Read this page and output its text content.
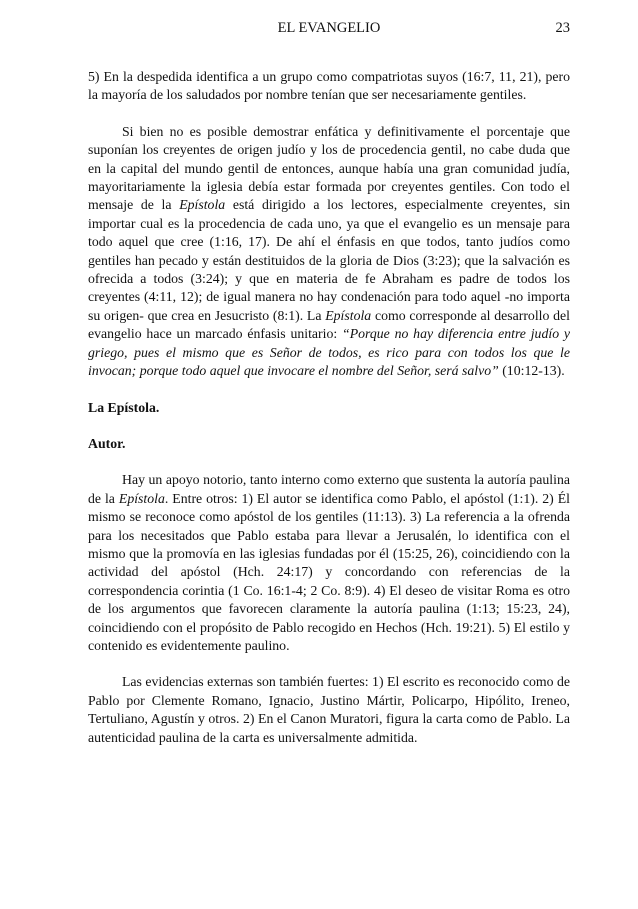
EL EVANGELIO	23

5) En la despedida identifica a un grupo como compatriotas suyos (16:7, 11, 21), pero la mayoría de los saludados por nombre tenían que ser necesariamente gentiles.

Si bien no es posible demostrar enfática y definitivamente el porcentaje que suponían los creyentes de origen judío y los de procedencia gentil, no cabe duda que en la capital del mundo gentil de entonces, aunque había una gran comunidad judía, mayoritariamente la iglesia debía estar formada por creyentes gentiles. Con todo el mensaje de la Epístola está dirigido a los lectores, especialmente creyentes, sin importar cual es la procedencia de cada uno, ya que el evangelio es un mensaje para todo aquel que cree (1:16, 17). De ahí el énfasis en que todos, tanto judíos como gentiles han pecado y están destituidos de la gloria de Dios (3:23); que la salvación es ofrecida a todos (3:24); y que en materia de fe Abraham es padre de todos los creyentes (4:11, 12); de igual manera no hay condenación para todo aquel -no importa su origen- que crea en Jesucristo (8:1). La Epístola como corresponde al desarrollo del evangelio hace un marcado énfasis unitario: “Porque no hay diferencia entre judío y griego, pues el mismo que es Señor de todos, es rico para con todos los que le invocan; porque todo aquel que invocare el nombre del Señor, será salvo” (10:12-13).

La Epístola.
Autor.

Hay un apoyo notorio, tanto interno como externo que sustenta la autoría paulina de la Epístola. Entre otros: 1) El autor se identifica como Pablo, el apóstol (1:1). 2) Él mismo se reconoce como apóstol de los gentiles (11:13). 3) La referencia a la ofrenda para los necesitados que Pablo estaba para llevar a Jerusalén, lo identifica con el mismo que la promovía en las iglesias fundadas por él (15:25, 26), coincidiendo con la actividad del apóstol (Hch. 24:17) y concordando con referencias de la correspondencia corintia (1 Co. 16:1-4; 2 Co. 8:9). 4) El deseo de visitar Roma es otro de los argumentos que favorecen claramente la autoría paulina (1:13; 15:23, 24), coincidiendo con el propósito de Pablo recogido en Hechos (Hch. 19:21). 5) El estilo y contenido es evidentemente paulino.

Las evidencias externas son también fuertes: 1) El escrito es reconocido como de Pablo por Clemente Romano, Ignacio, Justino Mártir, Policarpo, Hipólito, Ireneo, Tertuliano, Agustín y otros. 2) En el Canon Muratori, figura la carta como de Pablo. La autenticidad paulina de la carta es universalmente admitida.
